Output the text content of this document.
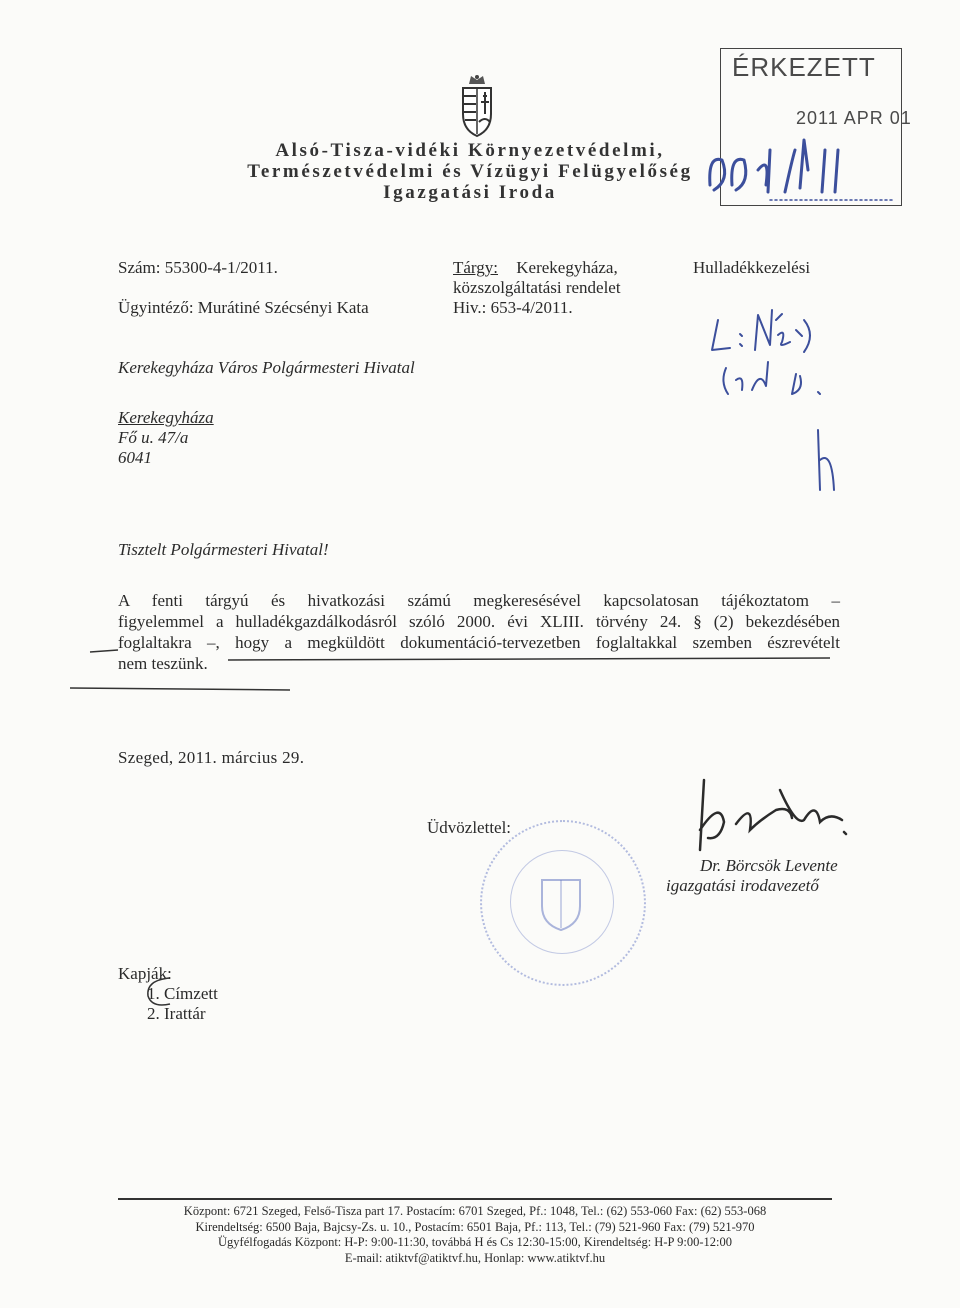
Alsó-Tisza-vidéki Környezetvédelmi,
Természetvédelmi és Vízügyi Felügyelőség
Igazgatási Iroda
ÉRKEZETT
2011 APR 01
Szám: 55300-4-1/2011.
Ügyintéző: Murátiné Szécsényi Kata
Tárgy: Kerekegyháza,	Hulladékkezelési
közszolgáltatási rendelet
Hiv.: 653-4/2011.
Kerekegyháza Város Polgármesteri Hivatal
Kerekegyháza
Fő u. 47/a
6041
Tisztelt Polgármesteri Hivatal!
A fenti tárgyú és hivatkozási számú megkeresésével kapcsolatosan tájékoztatom –
figyelemmel a hulladékgazdálkodásról szóló 2000. évi XLIII. törvény 24. § (2) bekezdésében
foglaltakra –, hogy a megküldött dokumentáció-tervezetben foglaltakkal szemben észrevételt
nem teszünk.
Szeged, 2011. március 29.
Üdvözlettel:
Dr. Börcsök Levente
igazgatási irodavezető
Kapják:
1. Címzett
2. Irattár
Központ: 6721 Szeged, Felső-Tisza part 17. Postacím: 6701 Szeged, Pf.: 1048, Tel.: (62) 553-060 Fax: (62) 553-068
Kirendeltség: 6500 Baja, Bajcsy-Zs. u. 10., Postacím: 6501 Baja, Pf.: 113, Tel.: (79) 521-960 Fax: (79) 521-970
Ügyfélfogadás Központ: H-P: 9:00-11:30, továbbá H és Cs 12:30-15:00, Kirendeltség: H-P 9:00-12:00
E-mail: atiktvf@atiktvf.hu, Honlap: www.atiktvf.hu
